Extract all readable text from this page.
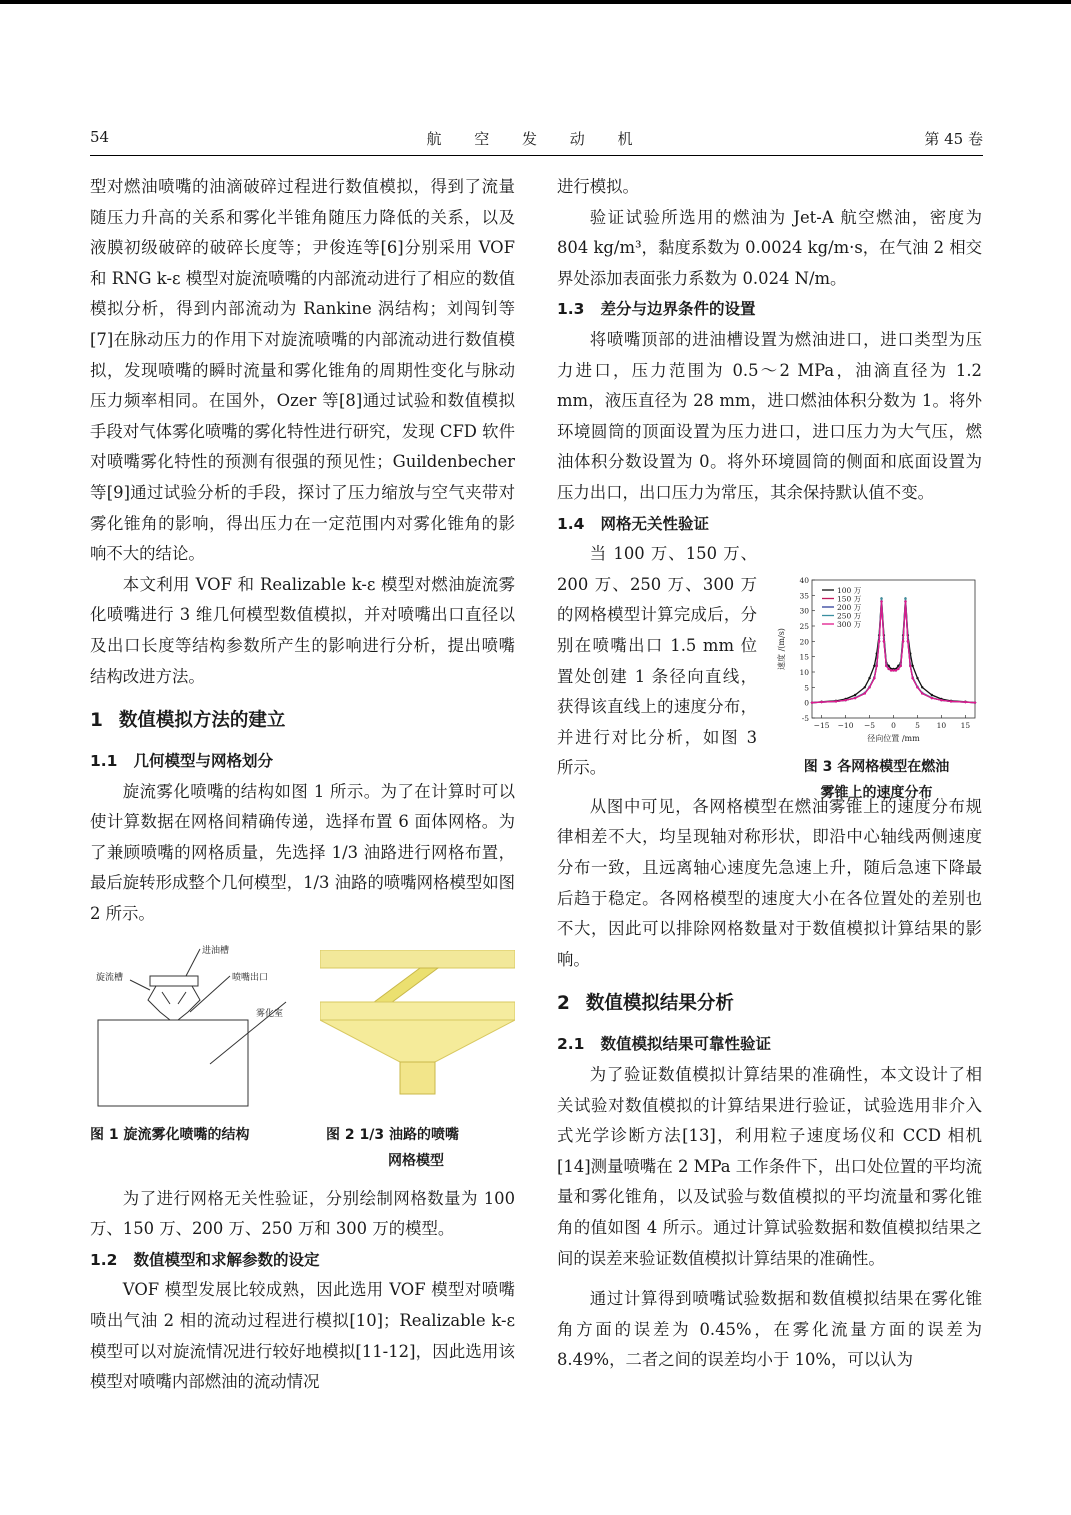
54	航 空 发 动 机	第 45 卷

型对燃油喷嘴的油滴破碎过程进行数值模拟，得到了流量随压力升高的关系和雾化半锥角随压力降低的关系，以及液膜初级破碎的破碎长度等；尹俊连等[6]分别采用 VOF 和 RNG k-ε 模型对旋流喷嘴的内部流动进行了相应的数值模拟分析，得到内部流动为 Rankine 涡结构；刘闯钊等[7]在脉动压力的作用下对旋流喷嘴的内部流动进行数值模拟，发现喷嘴的瞬时流量和雾化锥角的周期性变化与脉动压力频率相同。在国外，Ozer 等[8]通过试验和数值模拟手段对气体雾化喷嘴的雾化特性进行研究，发现 CFD 软件对喷嘴雾化特性的预测有很强的预见性；Guildenbecher 等[9]通过试验分析的手段，探讨了压力缩放与空气夹带对雾化锥角的影响，得出压力在一定范围内对雾化锥角的影响不大的结论。

本文利用 VOF 和 Realizable k-ε 模型对燃油旋流雾化喷嘴进行 3 维几何模型数值模拟，并对喷嘴出口直径以及出口长度等结构参数所产生的影响进行分析，提出喷嘴结构改进方法。

1 数值模拟方法的建立
1.1 几何模型与网格划分

旋流雾化喷嘴的结构如图 1 所示。为了在计算时可以使计算数据在网格间精确传递，选择布置 6 面体网格。为了兼顾喷嘴的网格质量，先选择 1/3 油路进行网格布置，最后旋转形成整个几何模型，1/3 油路的喷嘴网格模型如图 2 所示。

进油槽
旋流槽	喷嘴出口
雾化室
图 1 旋流雾化喷嘴的结构	图 2 1/3 油路的喷嘴
网格模型

为了进行网格无关性验证，分别绘制网格数量为 100 万、150 万、200 万、250 万和 300 万的模型。

1.2 数值模型和求解参数的设定

VOF 模型发展比较成熟，因此选用 VOF 模型对喷嘴喷出气油 2 相的流动过程进行模拟[10]；Realizable k-ε 模型可以对旋流情况进行较好地模拟[11-12]，因此选用该模型对喷嘴内部燃油的流动情况

进行模拟。

验证试验所选用的燃油为 Jet-A 航空燃油，密度为 804 kg/m³，黏度系数为 0.0024 kg/m·s，在气油 2 相交界处添加表面张力系数为 0.024 N/m。

1.3 差分与边界条件的设置

将喷嘴顶部的进油槽设置为燃油进口，进口类型为压力进口，压力范围为 0.5～2 MPa，油滴直径为 1.2 mm，液压直径为 28 mm，进口燃油体积分数为 1。将外环境圆筒的顶面设置为压力进口，进口压力为大气压，燃油体积分数设置为 0。将外环境圆筒的侧面和底面设置为压力出口，出口压力为常压，其余保持默认值不变。

1.4 网格无关性验证

当 100 万、150 万、200 万、250 万、300 万的网格模型计算完成后，分别在喷嘴出口 1.5 mm 位置处创建 1 条径向直线，获得该直线上的速度分布，并进行对比分析，如图 3 所示。

从图中可见，各网格模型在燃油雾锥上的速度分布规律相差不大，均呈现轴对称形状，即沿中心轴线两侧速度分布一致，且远离轴心速度先急速上升，随后急速下降最后趋于稳定。各网格模型的速度大小在各位置处的差别也不大，因此可以排除网格数量对于数值模拟计算结果的影响。

2 数值模拟结果分析
2.1 数值模拟结果可靠性验证

为了验证数值模拟计算结果的准确性，本文设计了相关试验对数值模拟的计算结果进行验证，试验选用非介入式光学诊断方法[13]，利用粒子速度场仪和 CCD 相机[14]测量喷嘴在 2 MPa 工作条件下，出口处位置的平均流量和雾化锥角，以及试验与数值模拟的平均流量和雾化锥角的值如图 4 所示。通过计算试验数据和数值模拟结果之间的误差来验证数值模拟计算结果的准确性。

通过计算得到喷嘴试验数据和数值模拟结果在雾化锥角方面的误差为 0.45%，在雾化流量方面的误差为 8.49%，二者之间的误差均小于 10%，可以认为

-5
0
5
10
15
20
25
30
35
40
−15 −10 −5 0	5 10 15
径向位置 /mm
速度 /(m/s)
100 万
150 万
200 万
250 万
300 万
图 3 各网格模型在燃油
雾锥上的速度分布
